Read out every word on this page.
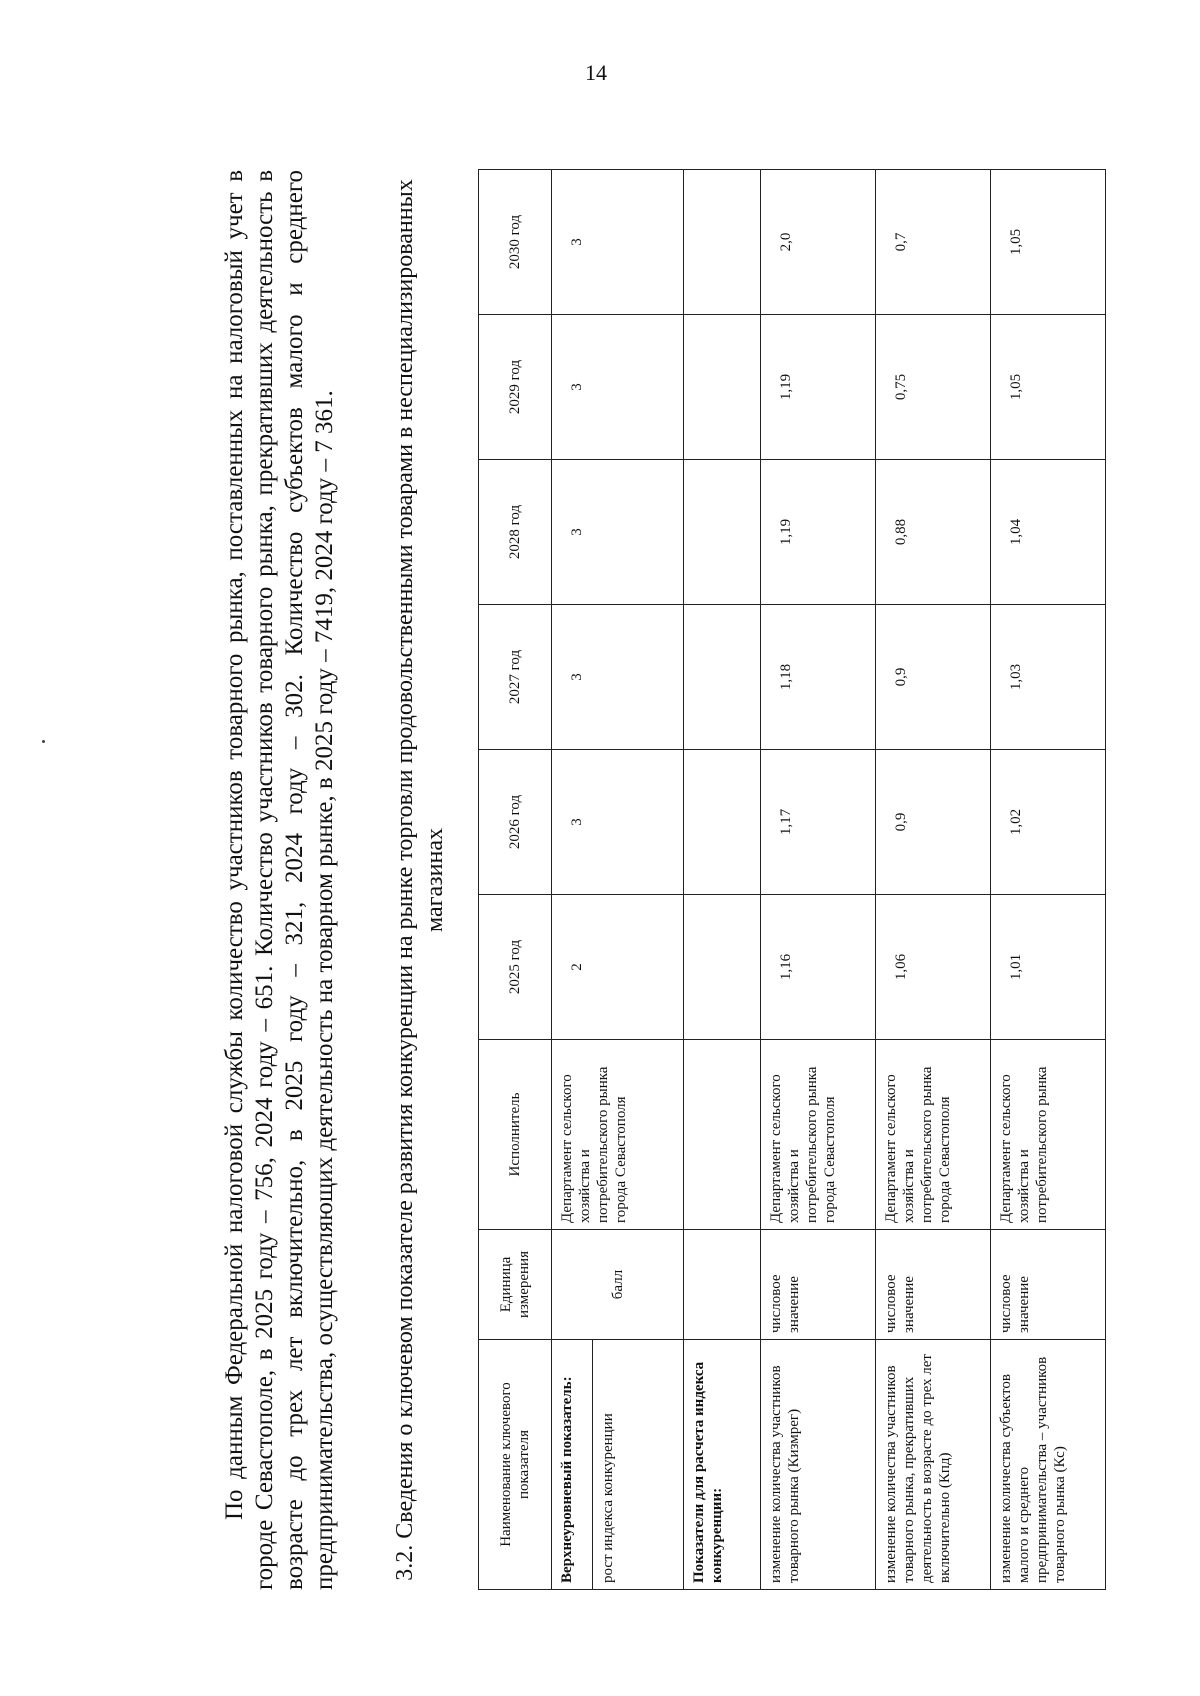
14

По данным Федеральной налоговой службы количество участников товарного рынка, поставленных на налоговый учет в городе Севастополе, в 2025 году – 756, 2024 году – 651. Количество участников товарного рынка, прекративших деятельность в возрасте до трех лет включительно, в 2025 году – 321, 2024 году – 302. Количество субъектов малого и среднего предпринимательства, осуществляющих деятельность на товарном рынке, в 2025 году – 7419, 2024 году – 7 361. 3.2. Сведения о ключевом показателе развития конкуренции на рынке торговли продовольственными товарами в неспециализированных магазинах

Наименование ключевого показателя	Единица измерения	Исполнитель	2025 год	2026 год	2027 год	2028 год	2029 год	2030 год
Верхнеуровневый показатель:	балл	Департамент сельского хозяйства и потребительского рынка города Севастополя	2	3	3	3	3	3
рост индекса конкуренции								
Показатели для расчета индекса конкуренции:								
изменение количества участников товарного рынка (Кизмрег)	числовое значение	Департамент сельского хозяйства и потребительского рынка города Севастополя	1,16	1,17	1,18	1,19	1,19	2,0
изменение количества участников товарного рынка, прекративших деятельность в возрасте до трех лет включительно (Кпд)	числовое значение	Департамент сельского хозяйства и потребительского рынка города Севастополя	1,06	0,9	0,9	0,88	0,75	0,7
изменение количества субъектов малого и среднего предпринимательства – участников товарного рынка (Кс)	числовое значение	Департамент сельского хозяйства и потребительского рынка	1,01	1,02	1,03	1,04	1,05	1,05
